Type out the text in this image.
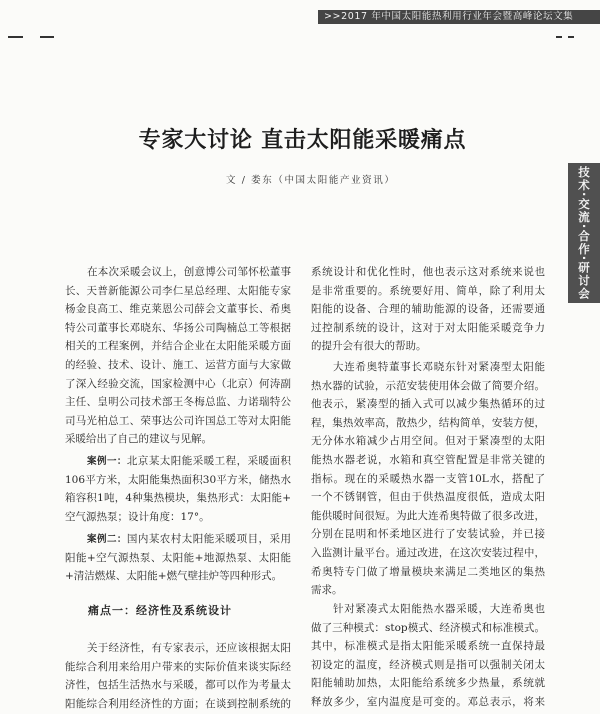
>>2017 年中国太阳能热利用行业年会暨高峰论坛文集
技术·交流·合作·研讨会
专家大讨论 直击太阳能采暖痛点
文 / 娄东（中国太阳能产业资讯）
在本次采暖会议上，创意博公司邹怀松董事
长、天普新能源公司李仁星总经理、太阳能专家
杨金良高工、维克莱恩公司薛会文董事长、希奥
特公司董事长邓晓东、华扬公司陶楠总工等根据
相关的工程案例，并结合企业在太阳能采暖方面
的经验、技术、设计、施工、运营方面与大家做
了深入经验交流，国家检测中心（北京）何涛副
主任、皇明公司技术部王冬梅总监、力诺瑞特公
司马光柏总工、荣事达公司许国总工等对太阳能
采暖给出了自己的建议与见解。
案例一：北京某太阳能采暖工程，采暖面积
106平方米，太阳能集热面积30平方米，储热水
箱容积1吨，4种集热模块，集热形式：太阳能+
空气源热泵；设计角度：17°。
案例二：国内某农村太阳能采暖项目，采用
阳能+空气源热泵、太阳能+地源热泵、太阳能
+清洁燃煤、太阳能+燃气壁挂炉等四种形式。
痛点一：经济性及系统设计
关于经济性，有专家表示，还应该根据太阳
能综合利用来给用户带来的实际价值来谈实际经
济性，包括生活热水与采暖，都可以作为考量太
阳能综合利用经济性的方面；在谈到控制系统的
系统设计和优化性时，他也表示这对系统来说也
是非常重要的。系统要好用、简单，除了利用太
阳能的设备、合理的辅助能源的设备，还需要通
过控制系统的设计，这对于对太阳能采暖竞争力
的提升会有很大的帮助。
大连希奥特董事长邓晓东针对紧凑型太阳能
热水器的试验，示范安装使用体会做了简要介绍。
他表示，紧凑型的插入式可以减少集热循环的过
程，集热效率高，散热少，结构简单，安装方便，
无分体水箱减少占用空间。但对于紧凑型的太阳
能热水器老说，水箱和真空管配置是非常关键的
指标。现在的采暖热水器一支管10L水，搭配了
一个不锈钢管，但由于供热温度很低，造成太阳
能供暖时间很短。为此大连希奥特做了很多改进，
分别在昆明和怀柔地区进行了安装试验，并已接
入监测计量平台。通过改进，在这次安装过程中，
希奥特专门做了增量模块来满足二类地区的集热
需求。
针对紧凑式太阳能热水器采暖，大连希奥也
做了三种模式：stop模式、经济模式和标准模式。
其中，标准模式是指太阳能采暖系统一直保持最
初设定的温度，经济模式则是指可以强制关闭太
阳能辅助加热，太阳能给系统多少热量，系统就
释放多少，室内温度是可变的。邓总表示，将来
